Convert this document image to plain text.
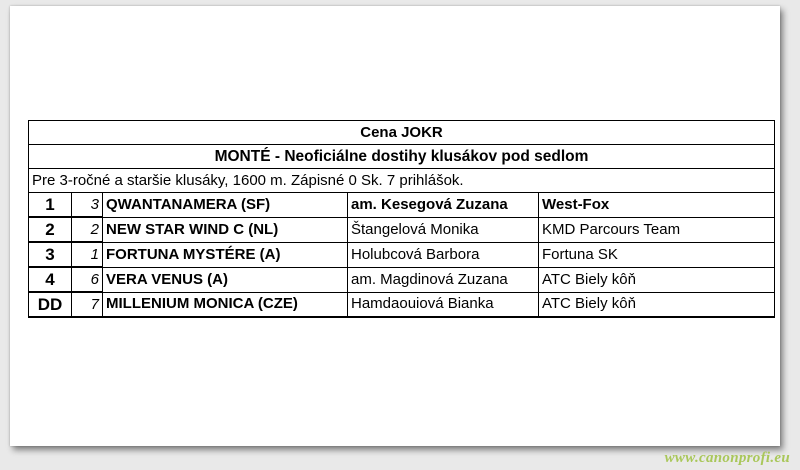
Cena JOKR				
MONTÉ - Neoficiálne dostihy klusákov pod sedlom				
Pre 3-ročné a staršie klusáky, 1600 m. Zápisné 0 Sk. 7 prihlášok.				
1	3	QWANTANAMERA (SF)	am. Kesegová Zuzana	West-Fox
2	2	NEW STAR WIND C (NL)	Štangelová Monika	KMD Parcours Team
3	1	FORTUNA MYSTÉRE (A)	Holubcová Barbora	Fortuna SK
4	6	VERA VENUS (A)	am. Magdinová Zuzana	ATC Biely kôň
DD	7	MILLENIUM MONICA (CZE)	Hamdaouiová Bianka	ATC Biely kôň
www.canonprofi.eu
